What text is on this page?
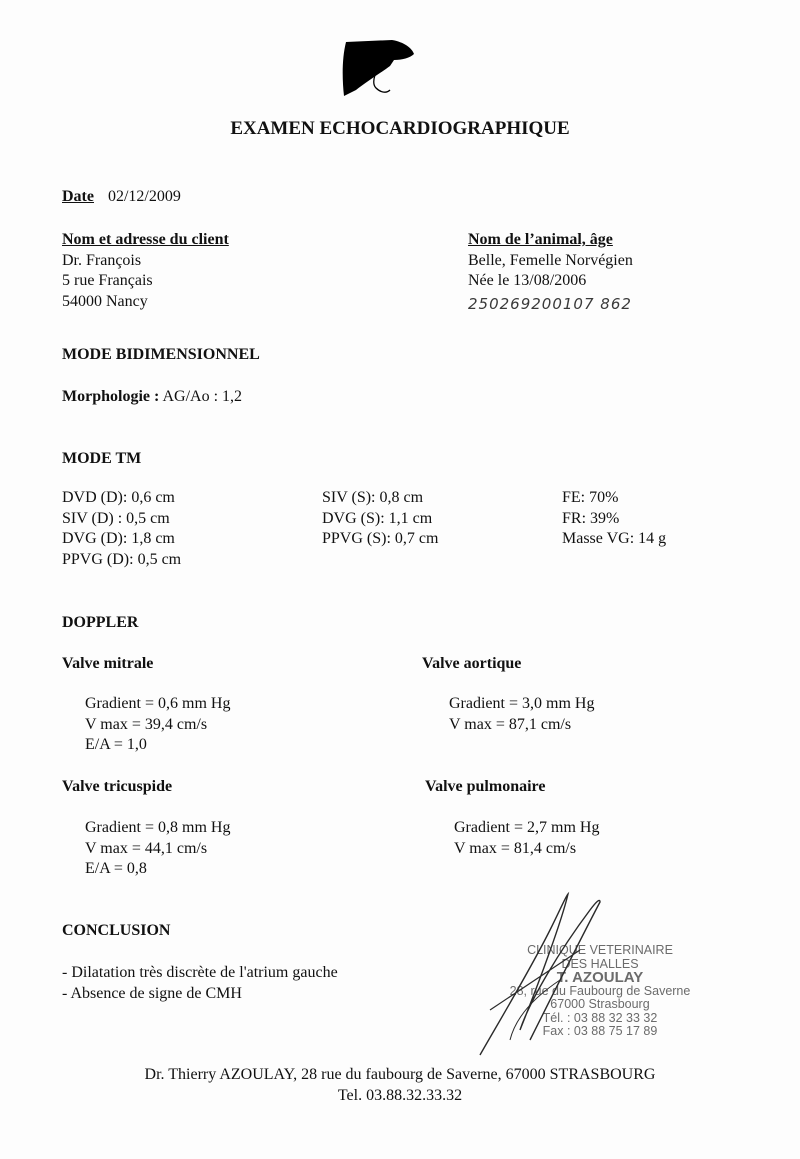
EXAMEN ECHOCARDIOGRAPHIQUE
Date 02/12/2009
Nom et adresse du client
Dr. François
5 rue Français
54000 Nancy
Nom de l’animal, âge
Belle, Femelle Norvégien
Née le 13/08/2006
250269200107 862
MODE BIDIMENSIONNEL
Morphologie : AG/Ao : 1,2
MODE TM
DVD (D): 0,6 cm
SIV (D) : 0,5 cm
DVG (D): 1,8 cm
PPVG (D): 0,5 cm
SIV (S): 0,8 cm
DVG (S): 1,1 cm
PPVG (S): 0,7 cm
FE: 70%
FR: 39%
Masse VG: 14 g
DOPPLER
Valve mitrale
Gradient = 0,6 mm Hg
V max = 39,4 cm/s
E/A = 1,0
Valve aortique
Gradient = 3,0 mm Hg
V max = 87,1 cm/s
Valve tricuspide
Gradient = 0,8 mm Hg
V max = 44,1 cm/s
E/A = 0,8
Valve pulmonaire
Gradient = 2,7 mm Hg
V max = 81,4 cm/s
CONCLUSION
- Dilatation très discrète de l'atrium gauche
- Absence de signe de CMH
CLINIQUE VETERINAIRE
DES HALLES
T. AZOULAY
28, rue du Faubourg de Saverne
67000 Strasbourg
Tél. : 03 88 32 33 32
Fax : 03 88 75 17 89
Dr. Thierry AZOULAY, 28 rue du faubourg de Saverne, 67000 STRASBOURG
Tel. 03.88.32.33.32
